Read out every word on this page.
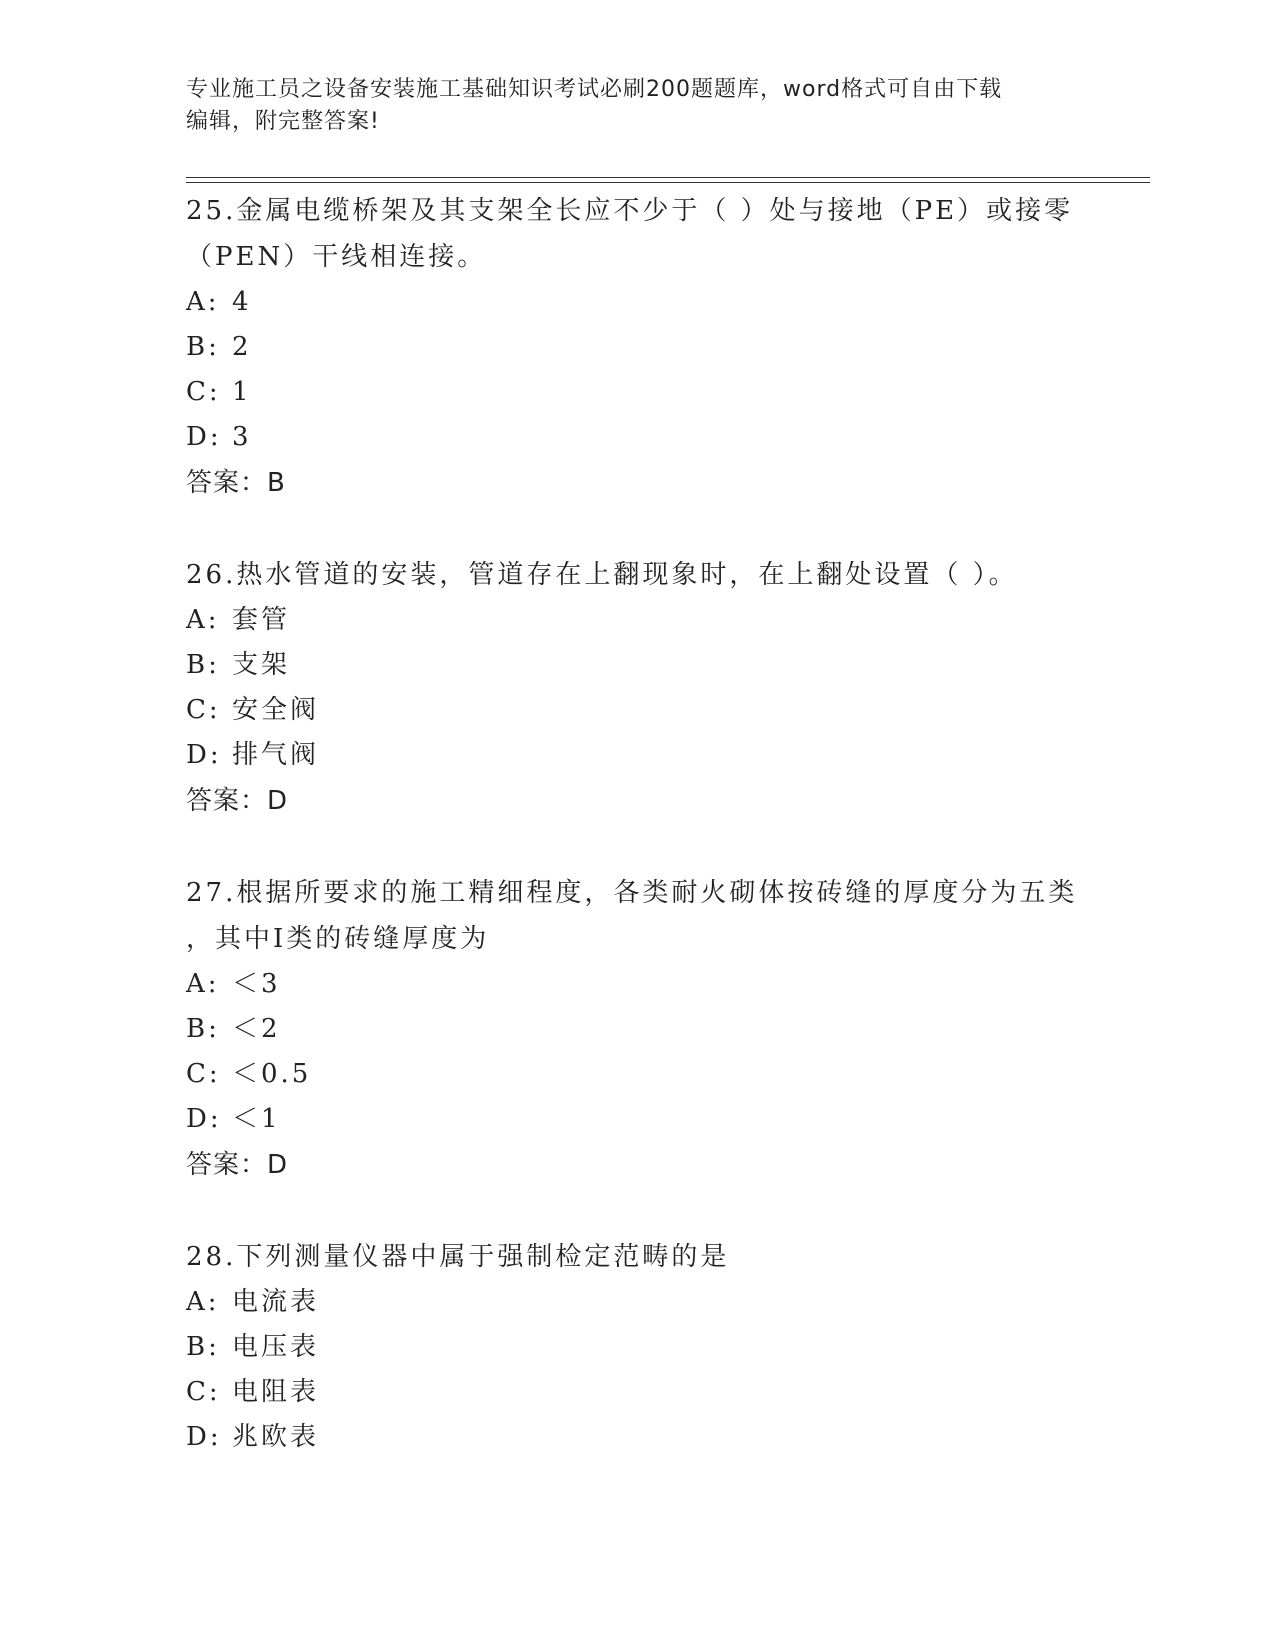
专业施工员之设备安装施工基础知识考试必刷200题题库，word格式可自由下载
编辑，附完整答案!
25.金属电缆桥架及其支架全长应不少于（ ）处与接地（PE）或接零
（PEN）干线相连接。
A: 4
B: 2
C: 1
D: 3
答案：B
26.热水管道的安装，管道存在上翻现象时，在上翻处设置（ ）。
A: 套管
B: 支架
C: 安全阀
D: 排气阀
答案：D
27.根据所要求的施工精细程度，各类耐火砌体按砖缝的厚度分为五类
，其中Ⅰ类的砖缝厚度为
A: ＜3
B: ＜2
C: ＜0.5
D: ＜1
答案：D
28.下列测量仪器中属于强制检定范畴的是
A: 电流表
B: 电压表
C: 电阻表
D: 兆欧表
